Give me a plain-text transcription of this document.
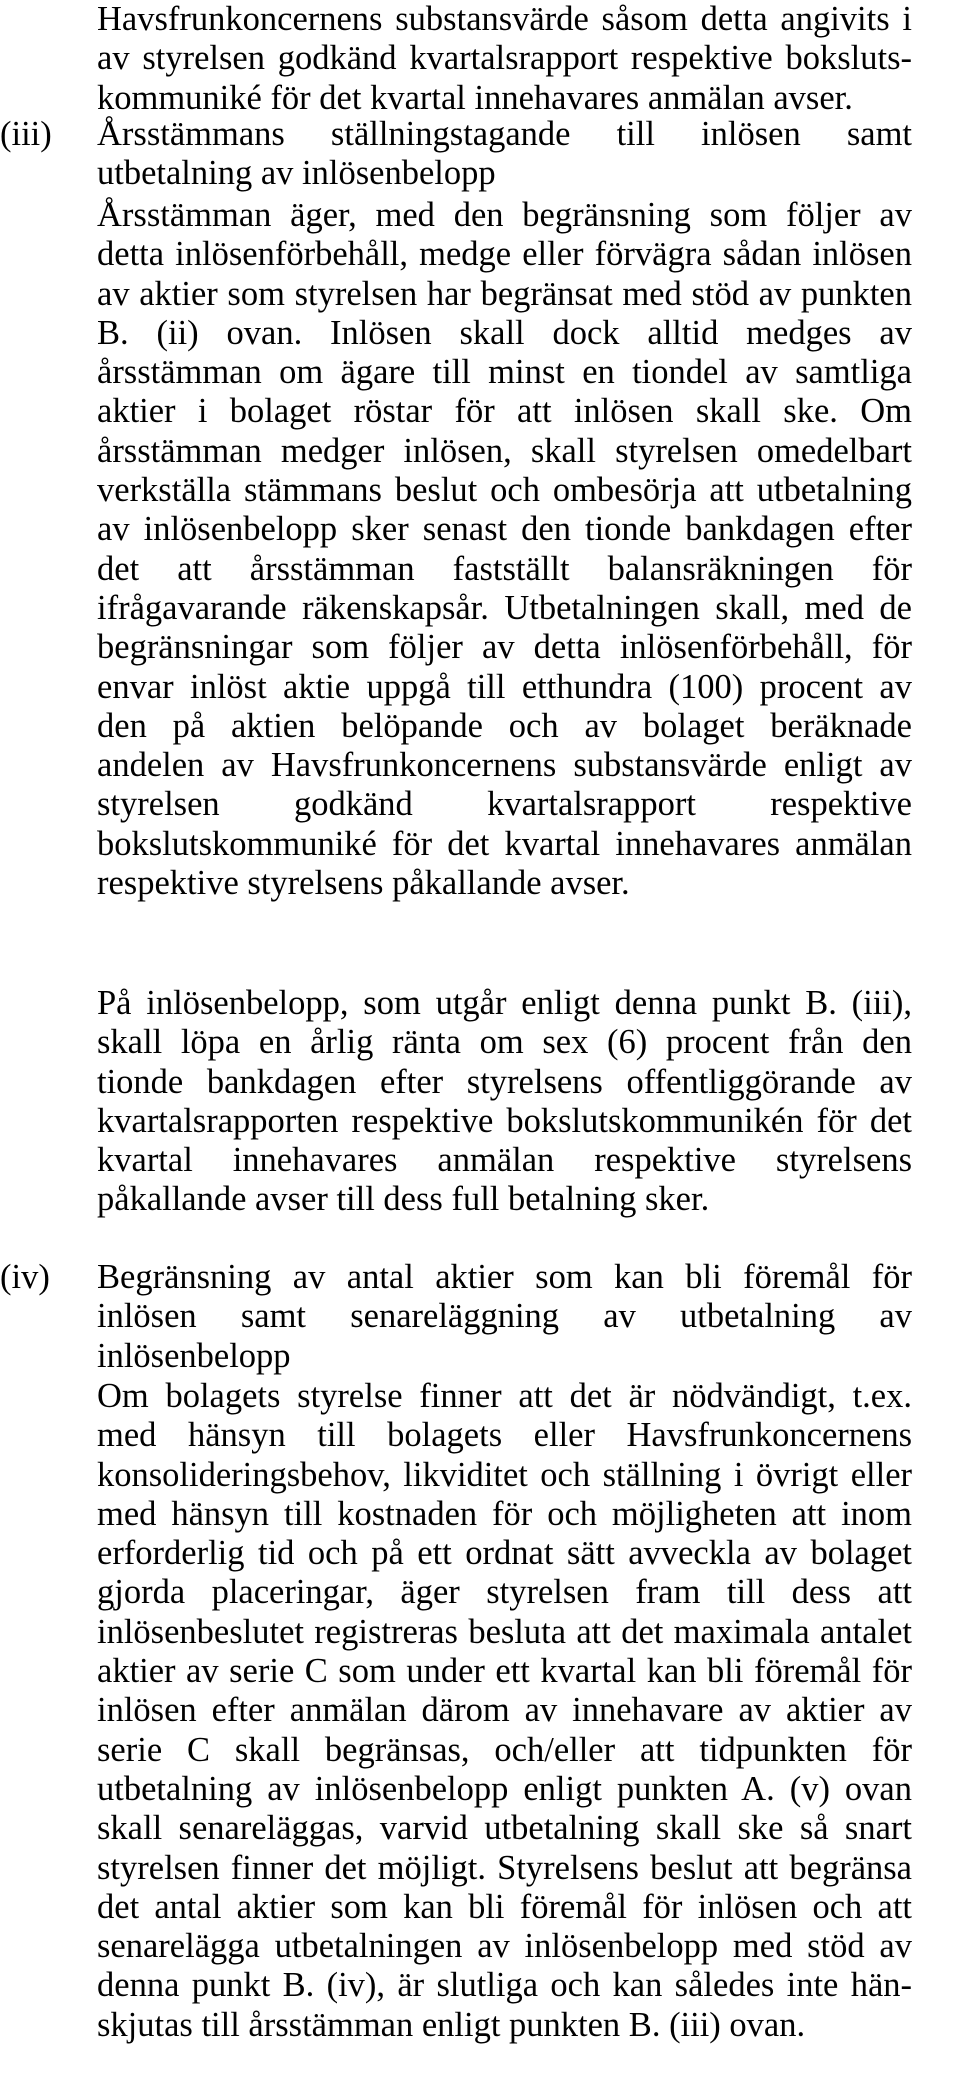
Havsfrunkoncernens substansvärde såsom detta angivits i
av styrelsen godkänd kvartalsrapport respektive boksluts-
kommuniké för det kvartal innehavares anmälan avser.
(iii) Årsstämmans ställningstagande till inlösen samt
utbetalning av inlösenbelopp
Årsstämman äger, med den begränsning som följer av
detta inlösenförbehåll, medge eller förvägra sådan inlösen
av aktier som styrelsen har begränsat med stöd av punkten
B. (ii) ovan. Inlösen skall dock alltid medges av
årsstämman om ägare till minst en tiondel av samtliga
aktier i bolaget röstar för att inlösen skall ske. Om
årsstämman medger inlösen, skall styrelsen omedelbart
verkställa stämmans beslut och ombesörja att utbetalning
av inlösenbelopp sker senast den tionde bankdagen efter
det att årsstämman fastställt balansräkningen för
ifrågavarande räkenskapsår. Utbetalningen skall, med de
begränsningar som följer av detta inlösenförbehåll, för
envar inlöst aktie uppgå till etthundra (100) procent av
den på aktien belöpande och av bolaget beräknade
andelen av Havsfrunkoncernens substansvärde enligt av
styrelsen godkänd kvartalsrapport respektive
bokslutskommuniké för det kvartal innehavares anmälan
respektive styrelsens påkallande avser.
På inlösenbelopp, som utgår enligt denna punkt B. (iii),
skall löpa en årlig ränta om sex (6) procent från den
tionde bankdagen efter styrelsens offentliggörande av
kvartalsrapporten respektive bokslutskommunikén för det
kvartal innehavares anmälan respektive styrelsens
påkallande avser till dess full betalning sker.
(iv) Begränsning av antal aktier som kan bli föremål för
inlösen samt senareläggning av utbetalning av
inlösenbelopp
Om bolagets styrelse finner att det är nödvändigt, t.ex.
med hänsyn till bolagets eller Havsfrunkoncernens
konsolideringsbehov, likviditet och ställning i övrigt eller
med hänsyn till kostnaden för och möjligheten att inom
erforderlig tid och på ett ordnat sätt avveckla av bolaget
gjorda placeringar, äger styrelsen fram till dess att
inlösenbeslutet registreras besluta att det maximala antalet
aktier av serie C som under ett kvartal kan bli föremål för
inlösen efter anmälan därom av innehavare av aktier av
serie C skall begränsas, och/eller att tidpunkten för
utbetalning av inlösenbelopp enligt punkten A. (v) ovan
skall senareläggas, varvid utbetalning skall ske så snart
styrelsen finner det möjligt. Styrelsens beslut att begränsa
det antal aktier som kan bli föremål för inlösen och att
senarelägga utbetalningen av inlösenbelopp med stöd av
denna punkt B. (iv), är slutliga och kan således inte hän-
skjutas till årsstämman enligt punkten B. (iii) ovan.
